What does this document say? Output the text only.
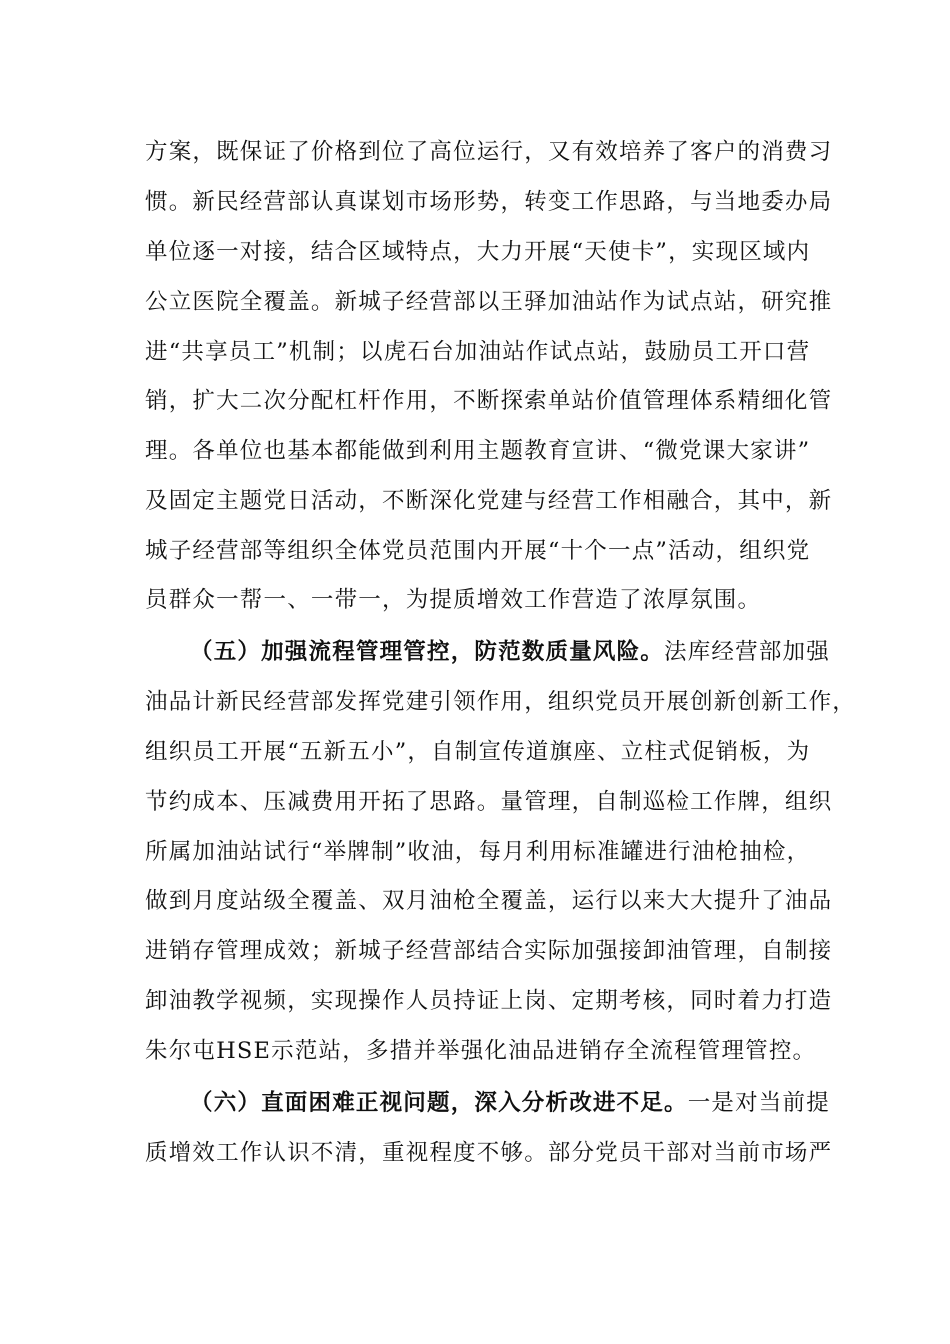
方案，既保证了价格到位了高位运行，又有效培养了客户的消费习
惯。新民经营部认真谋划市场形势，转变工作思路，与当地委办局
单位逐一对接，结合区域特点，大力开展“天使卡”，实现区域内
公立医院全覆盖。新城子经营部以王驿加油站作为试点站，研究推
进“共享员工”机制；以虎石台加油站作试点站，鼓励员工开口营
销，扩大二次分配杠杆作用，不断探索单站价值管理体系精细化管
理。各单位也基本都能做到利用主题教育宣讲、“微党课大家讲”
及固定主题党日活动，不断深化党建与经营工作相融合，其中，新
城子经营部等组织全体党员范围内开展“十个一点”活动，组织党
员群众一帮一、一带一，为提质增效工作营造了浓厚氛围。
（五）加强流程管理管控，防范数质量风险。法库经营部加强
油品计新民经营部发挥党建引领作用，组织党员开展创新创新工作，
组织员工开展“五新五小”，自制宣传道旗座、立柱式促销板，为
节约成本、压减费用开拓了思路。量管理，自制巡检工作牌，组织
所属加油站试行“举牌制”收油，每月利用标准罐进行油枪抽检，
做到月度站级全覆盖、双月油枪全覆盖，运行以来大大提升了油品
进销存管理成效；新城子经营部结合实际加强接卸油管理，自制接
卸油教学视频，实现操作人员持证上岗、定期考核，同时着力打造
朱尔屯HSE示范站，多措并举强化油品进销存全流程管理管控。
（六）直面困难正视问题，深入分析改进不足。一是对当前提
质增效工作认识不清，重视程度不够。部分党员干部对当前市场严
